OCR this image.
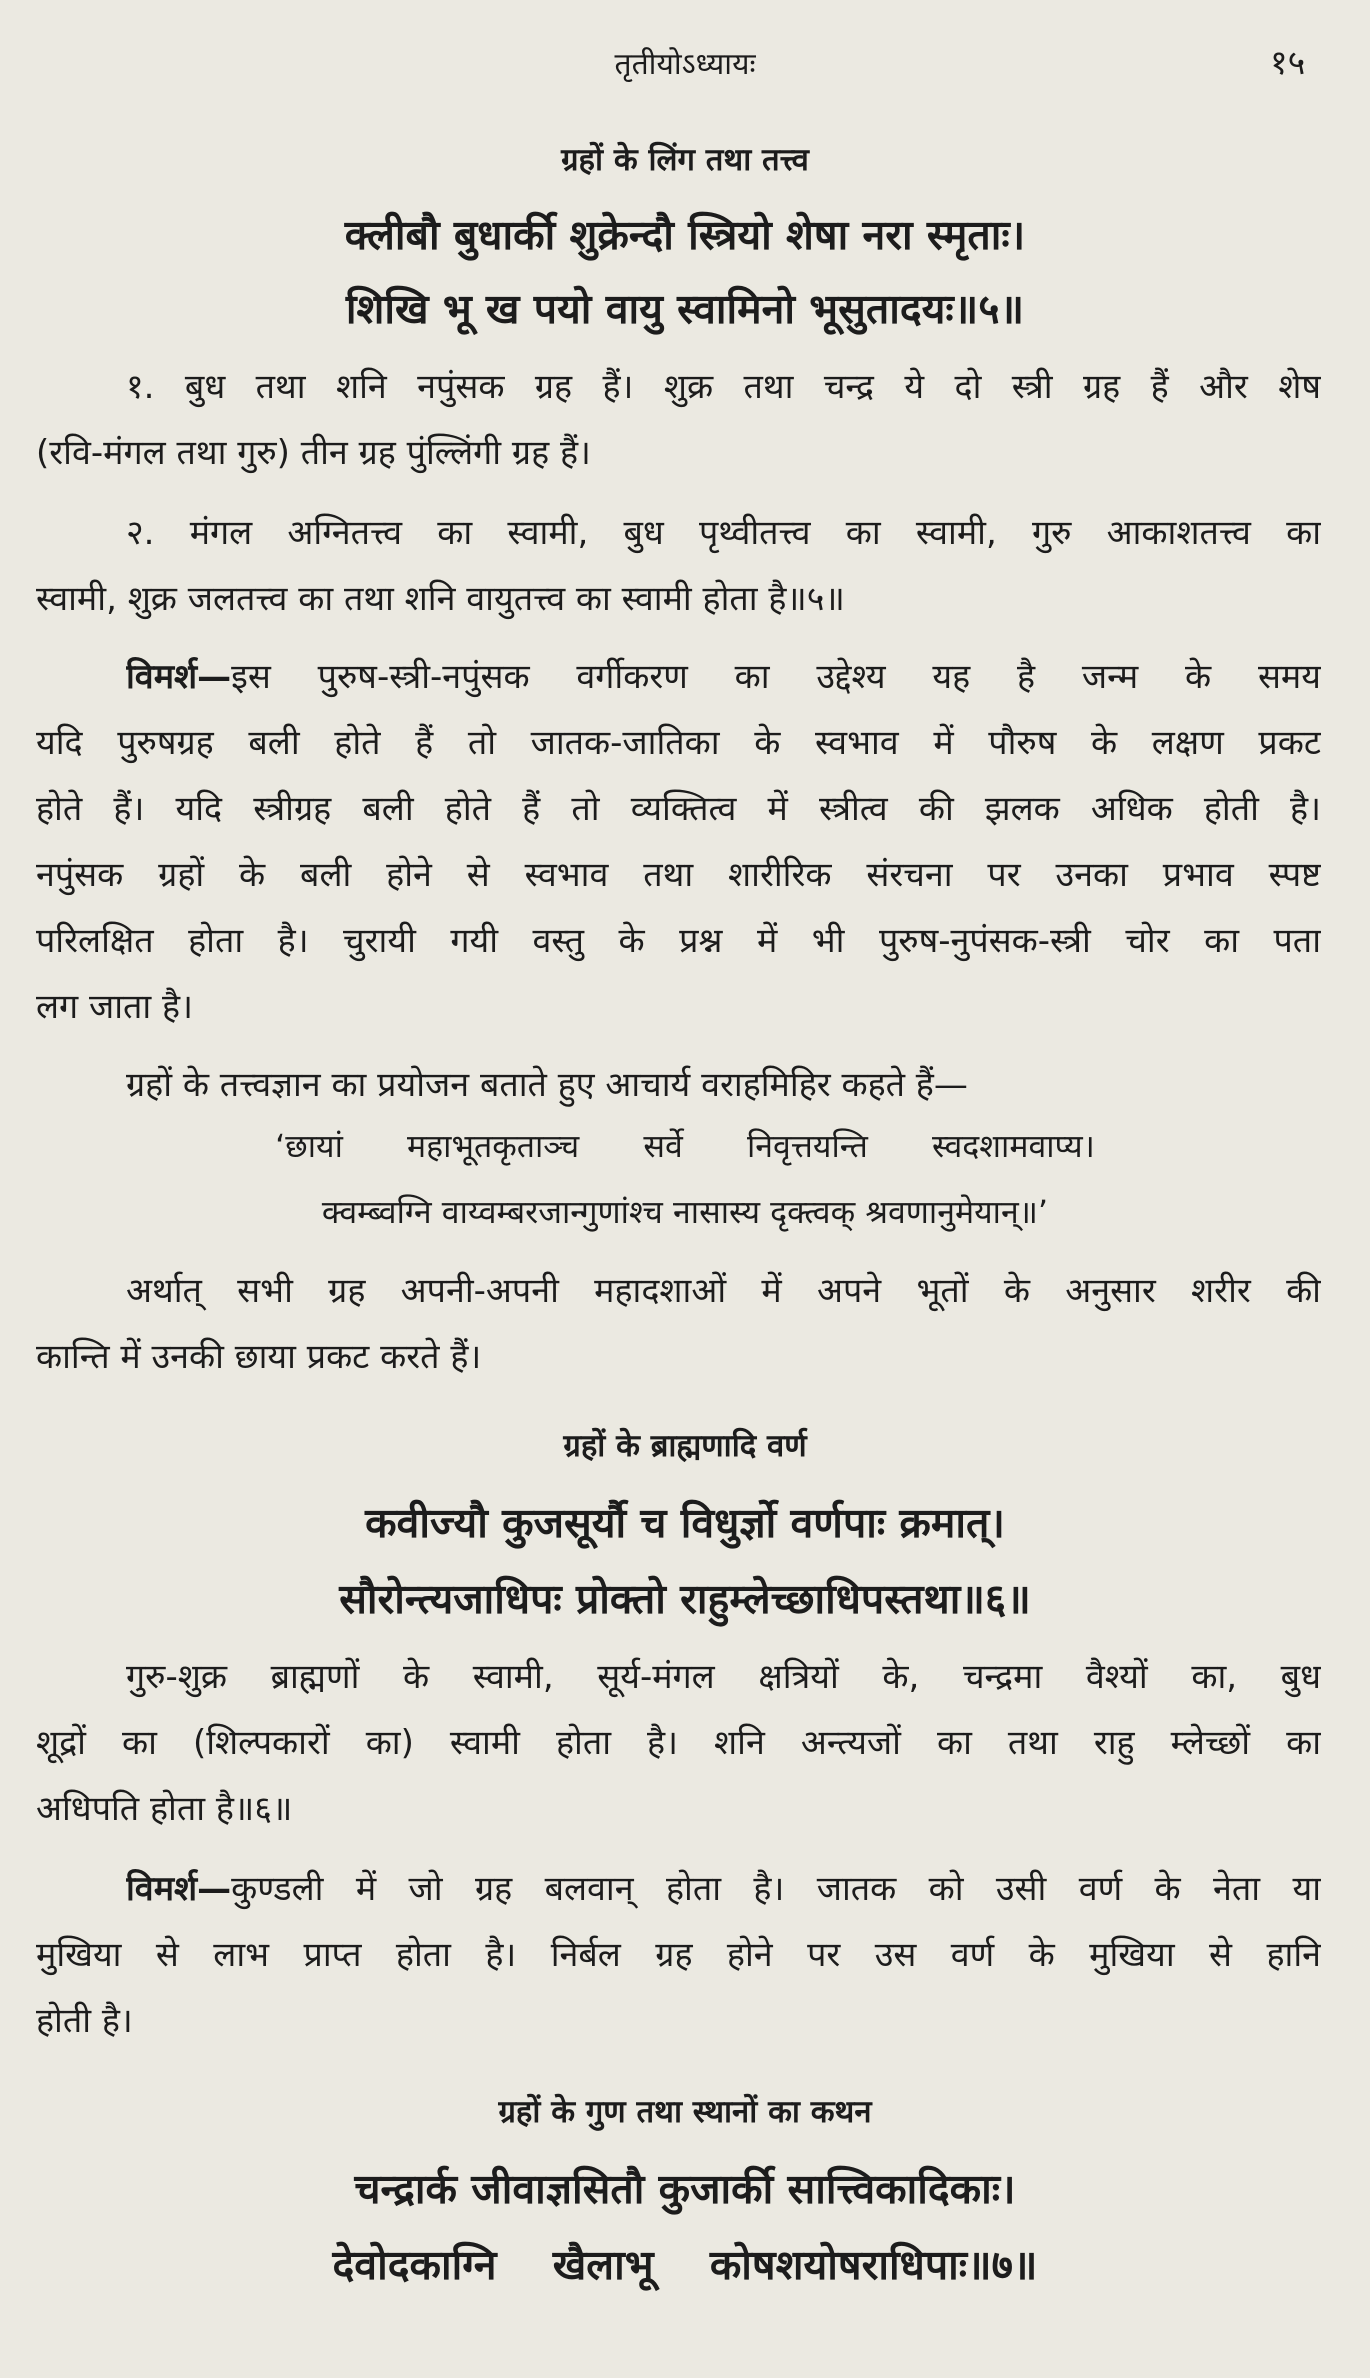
तृतीयोऽध्यायः	१५
ग्रहों के लिंग तथा तत्त्व
क्लीबौ बुधार्की शुक्रेन्दौ स्त्रियो शेषा नरा स्मृताः।
शिखि भू ख पयो वायु स्वामिनो भूसुतादयः॥५॥
१. बुध तथा शनि नपुंसक ग्रह हैं। शुक्र तथा चन्द्र ये दो स्त्री ग्रह हैं और शेष
(रवि-मंगल तथा गुरु) तीन ग्रह पुंल्लिंगी ग्रह हैं।
२. मंगल अग्नितत्त्व का स्वामी, बुध पृथ्वीतत्त्व का स्वामी, गुरु आकाशतत्त्व का
स्वामी, शुक्र जलतत्त्व का तथा शनि वायुतत्त्व का स्वामी होता है॥५॥
विमर्श—इस पुरुष-स्त्री-नपुंसक वर्गीकरण का उद्देश्य यह है जन्म के समय
यदि पुरुषग्रह बली होते हैं तो जातक-जातिका के स्वभाव में पौरुष के लक्षण प्रकट
होते हैं। यदि स्त्रीग्रह बली होते हैं तो व्यक्तित्व में स्त्रीत्व की झलक अधिक होती है।
नपुंसक ग्रहों के बली होने से स्वभाव तथा शारीरिक संरचना पर उनका प्रभाव स्पष्ट
परिलक्षित होता है। चुरायी गयी वस्तु के प्रश्न में भी पुरुष-नुपंसक-स्त्री चोर का पता
लग जाता है।
ग्रहों के तत्त्वज्ञान का प्रयोजन बताते हुए आचार्य वराहमिहिर कहते हैं—
‘छायां महाभूतकृताञ्च सर्वे निवृत्तयन्ति स्वदशामवाप्य।
क्वम्ब्वग्नि वाय्वम्बरजान्गुणांश्च नासास्य दृक्त्वक् श्रवणानुमेयान्॥’
अर्थात् सभी ग्रह अपनी-अपनी महादशाओं में अपने भूतों के अनुसार शरीर की
कान्ति में उनकी छाया प्रकट करते हैं।
ग्रहों के ब्राह्मणादि वर्ण
कवीज्यौ कुजसूर्यौ च विधुर्ज्ञो वर्णपाः क्रमात्।
सौरोन्त्यजाधिपः प्रोक्तो राहुम्लेच्छाधिपस्तथा॥६॥
गुरु-शुक्र ब्राह्मणों के स्वामी, सूर्य-मंगल क्षत्रियों के, चन्द्रमा वैश्यों का, बुध
शूद्रों का (शिल्पकारों का) स्वामी होता है। शनि अन्त्यजों का तथा राहु म्लेच्छों का
अधिपति होता है॥६॥
विमर्श—कुण्डली में जो ग्रह बलवान् होता है। जातक को उसी वर्ण के नेता या
मुखिया से लाभ प्राप्त होता है। निर्बल ग्रह होने पर उस वर्ण के मुखिया से हानि
होती है।
ग्रहों के गुण तथा स्थानों का कथन
चन्द्रार्क जीवाज्ञसितौ कुजार्की सात्त्विकादिकाः।
देवोदकाग्नि खैलाभू कोषशयोषराधिपाः॥७॥
